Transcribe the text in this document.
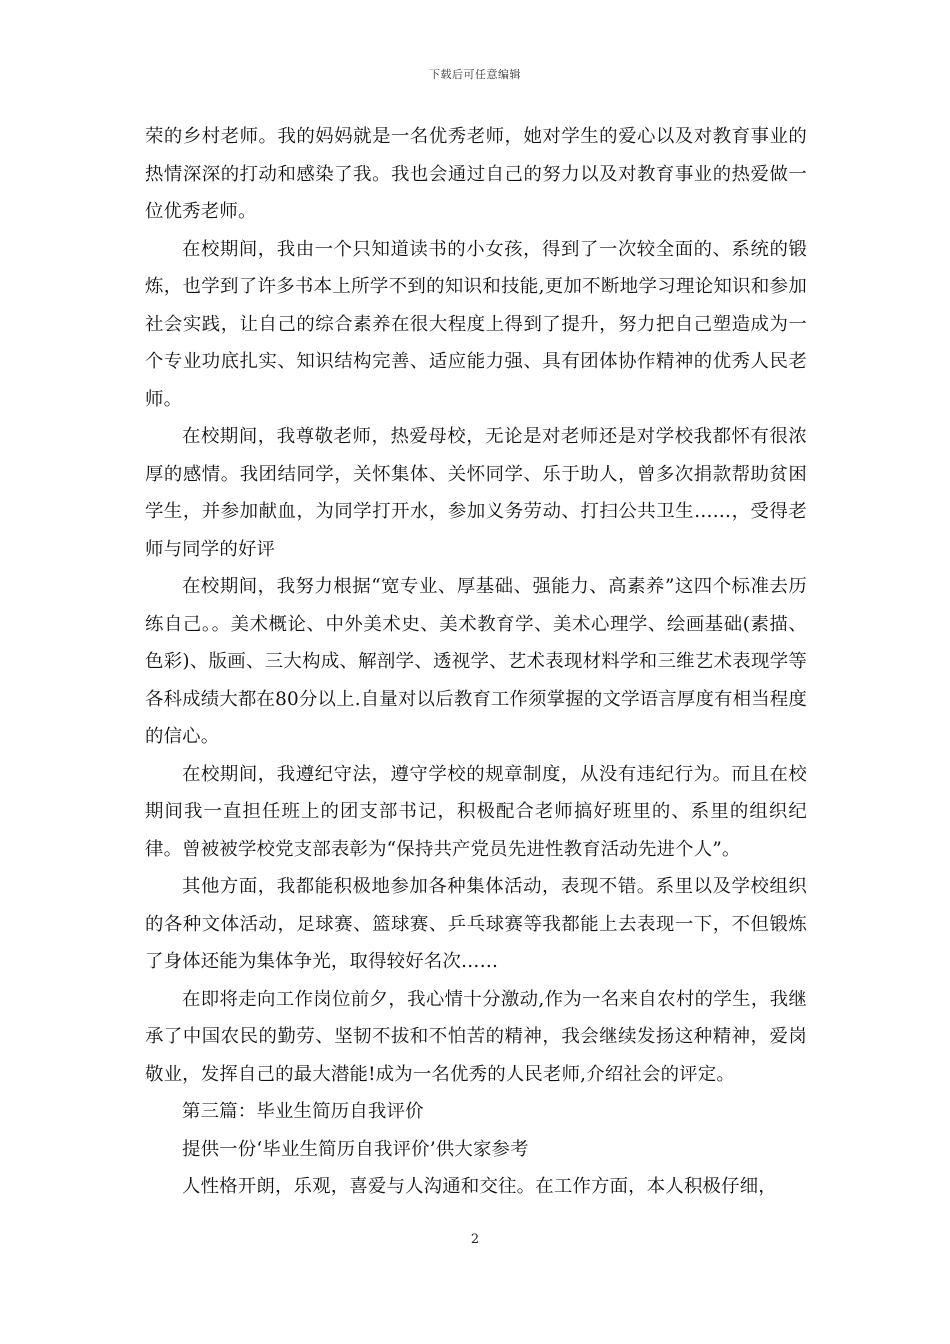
下载后可任意编辑

荣的乡村老师。我的妈妈就是一名优秀老师，她对学生的爱心以及对教育事业的热情深深的打动和感染了我。我也会通过自己的努力以及对教育事业的热爱做一位优秀老师。

在校期间，我由一个只知道读书的小女孩，得到了一次较全面的、系统的锻炼，也学到了许多书本上所学不到的知识和技能,更加不断地学习理论知识和参加社会实践，让自己的综合素养在很大程度上得到了提升，努力把自己塑造成为一个专业功底扎实、知识结构完善、适应能力强、具有团体协作精神的优秀人民老师。

在校期间，我尊敬老师，热爱母校，无论是对老师还是对学校我都怀有很浓厚的感情。我团结同学，关怀集体、关怀同学、乐于助人，曾多次捐款帮助贫困学生，并参加献血，为同学打开水，参加义务劳动、打扫公共卫生……，受得老师与同学的好评

在校期间，我努力根据“宽专业、厚基础、强能力、高素养”这四个标准去历练自己。。美术概论、中外美术史、美术教育学、美术心理学、绘画基础(素描、色彩)、版画、三大构成、解剖学、透视学、艺术表现材料学和三维艺术表现学等各科成绩大都在80分以上.自量对以后教育工作须掌握的文学语言厚度有相当程度的信心。

在校期间，我遵纪守法，遵守学校的规章制度，从没有违纪行为。而且在校期间我一直担任班上的团支部书记，积极配合老师搞好班里的、系里的组织纪律。曾被被学校党支部表彰为“保持共产党员先进性教育活动先进个人”。

其他方面，我都能积极地参加各种集体活动，表现不错。系里以及学校组织的各种文体活动，足球赛、篮球赛、乒乓球赛等我都能上去表现一下，不但锻炼了身体还能为集体争光，取得较好名次……

在即将走向工作岗位前夕，我心情十分激动,作为一名来自农村的学生，我继承了中国农民的勤劳、坚韧不拔和不怕苦的精神，我会继续发扬这种精神，爱岗敬业，发挥自己的最大潜能!成为一名优秀的人民老师,介绍社会的评定。

第三篇：毕业生简历自我评价

提供一份‘毕业生简历自我评价’供大家参考

人性格开朗，乐观，喜爱与人沟通和交往。在工作方面，本人积极仔细，

2
